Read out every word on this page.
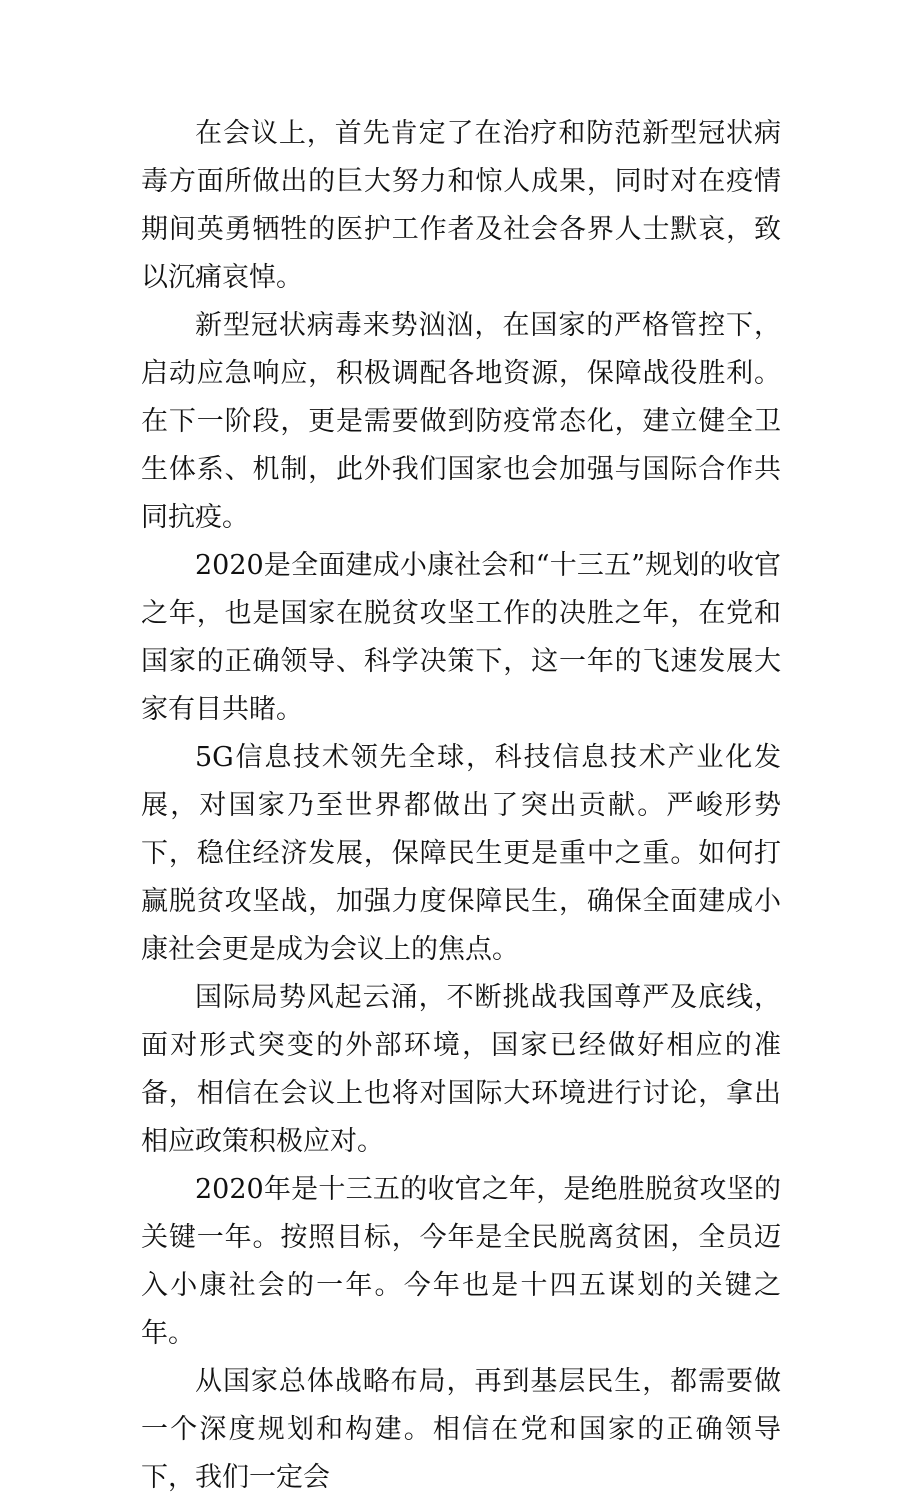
在会议上，首先肯定了在治疗和防范新型冠状病毒方面所做出的巨大努力和惊人成果，同时对在疫情期间英勇牺牲的医护工作者及社会各界人士默哀，致以沉痛哀悼。

新型冠状病毒来势汹汹，在国家的严格管控下，启动应急响应，积极调配各地资源，保障战役胜利。在下一阶段，更是需要做到防疫常态化，建立健全卫生体系、机制，此外我们国家也会加强与国际合作共同抗疫。

2020是全面建成小康社会和“十三五”规划的收官之年，也是国家在脱贫攻坚工作的决胜之年，在党和国家的正确领导、科学决策下，这一年的飞速发展大家有目共睹。

5G信息技术领先全球，科技信息技术产业化发展，对国家乃至世界都做出了突出贡献。严峻形势下，稳住经济发展，保障民生更是重中之重。如何打赢脱贫攻坚战，加强力度保障民生，确保全面建成小康社会更是成为会议上的焦点。

国际局势风起云涌，不断挑战我国尊严及底线，面对形式突变的外部环境，国家已经做好相应的准备，相信在会议上也将对国际大环境进行讨论，拿出相应政策积极应对。

2020年是十三五的收官之年，是绝胜脱贫攻坚的关键一年。按照目标，今年是全民脱离贫困，全员迈入小康社会的一年。今年也是十四五谋划的关键之年。

从国家总体战略布局，再到基层民生，都需要做一个深度规划和构建。相信在党和国家的正确领导下，我们一定会
